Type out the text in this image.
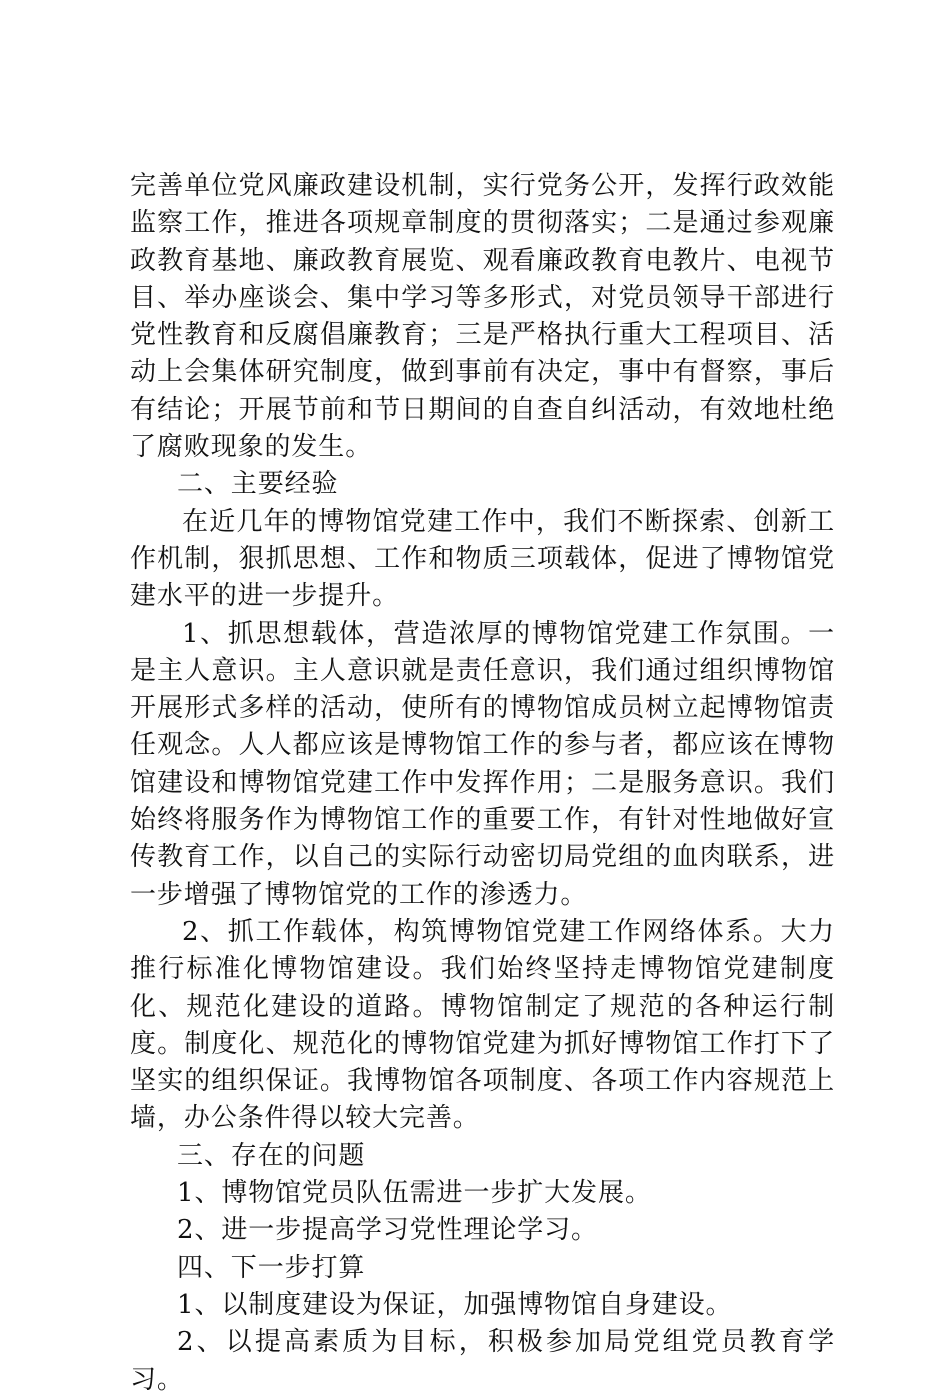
完善单位党风廉政建设机制，实行党务公开，发挥行政效能监察工作，推进各项规章制度的贯彻落实；二是通过参观廉政教育基地、廉政教育展览、观看廉政教育电教片、电视节目、举办座谈会、集中学习等多形式，对党员领导干部进行党性教育和反腐倡廉教育；三是严格执行重大工程项目、活动上会集体研究制度，做到事前有决定，事中有督察，事后有结论；开展节前和节日期间的自查自纠活动，有效地杜绝了腐败现象的发生。

二、主要经验

在近几年的博物馆党建工作中，我们不断探索、创新工作机制，狠抓思想、工作和物质三项载体，促进了博物馆党建水平的进一步提升。

1、抓思想载体，营造浓厚的博物馆党建工作氛围。一是主人意识。主人意识就是责任意识，我们通过组织博物馆开展形式多样的活动，使所有的博物馆成员树立起博物馆责任观念。人人都应该是博物馆工作的参与者，都应该在博物馆建设和博物馆党建工作中发挥作用；二是服务意识。我们始终将服务作为博物馆工作的重要工作，有针对性地做好宣传教育工作，以自己的实际行动密切局党组的血肉联系，进一步增强了博物馆党的工作的渗透力。

2、抓工作载体，构筑博物馆党建工作网络体系。大力推行标准化博物馆建设。我们始终坚持走博物馆党建制度化、规范化建设的道路。博物馆制定了规范的各种运行制度。制度化、规范化的博物馆党建为抓好博物馆工作打下了坚实的组织保证。我博物馆各项制度、各项工作内容规范上墙，办公条件得以较大完善。

三、存在的问题

1、博物馆党员队伍需进一步扩大发展。

2、进一步提高学习党性理论学习。

四、下一步打算

1、以制度建设为保证，加强博物馆自身建设。

2、以提高素质为目标，积极参加局党组党员教育学习。
